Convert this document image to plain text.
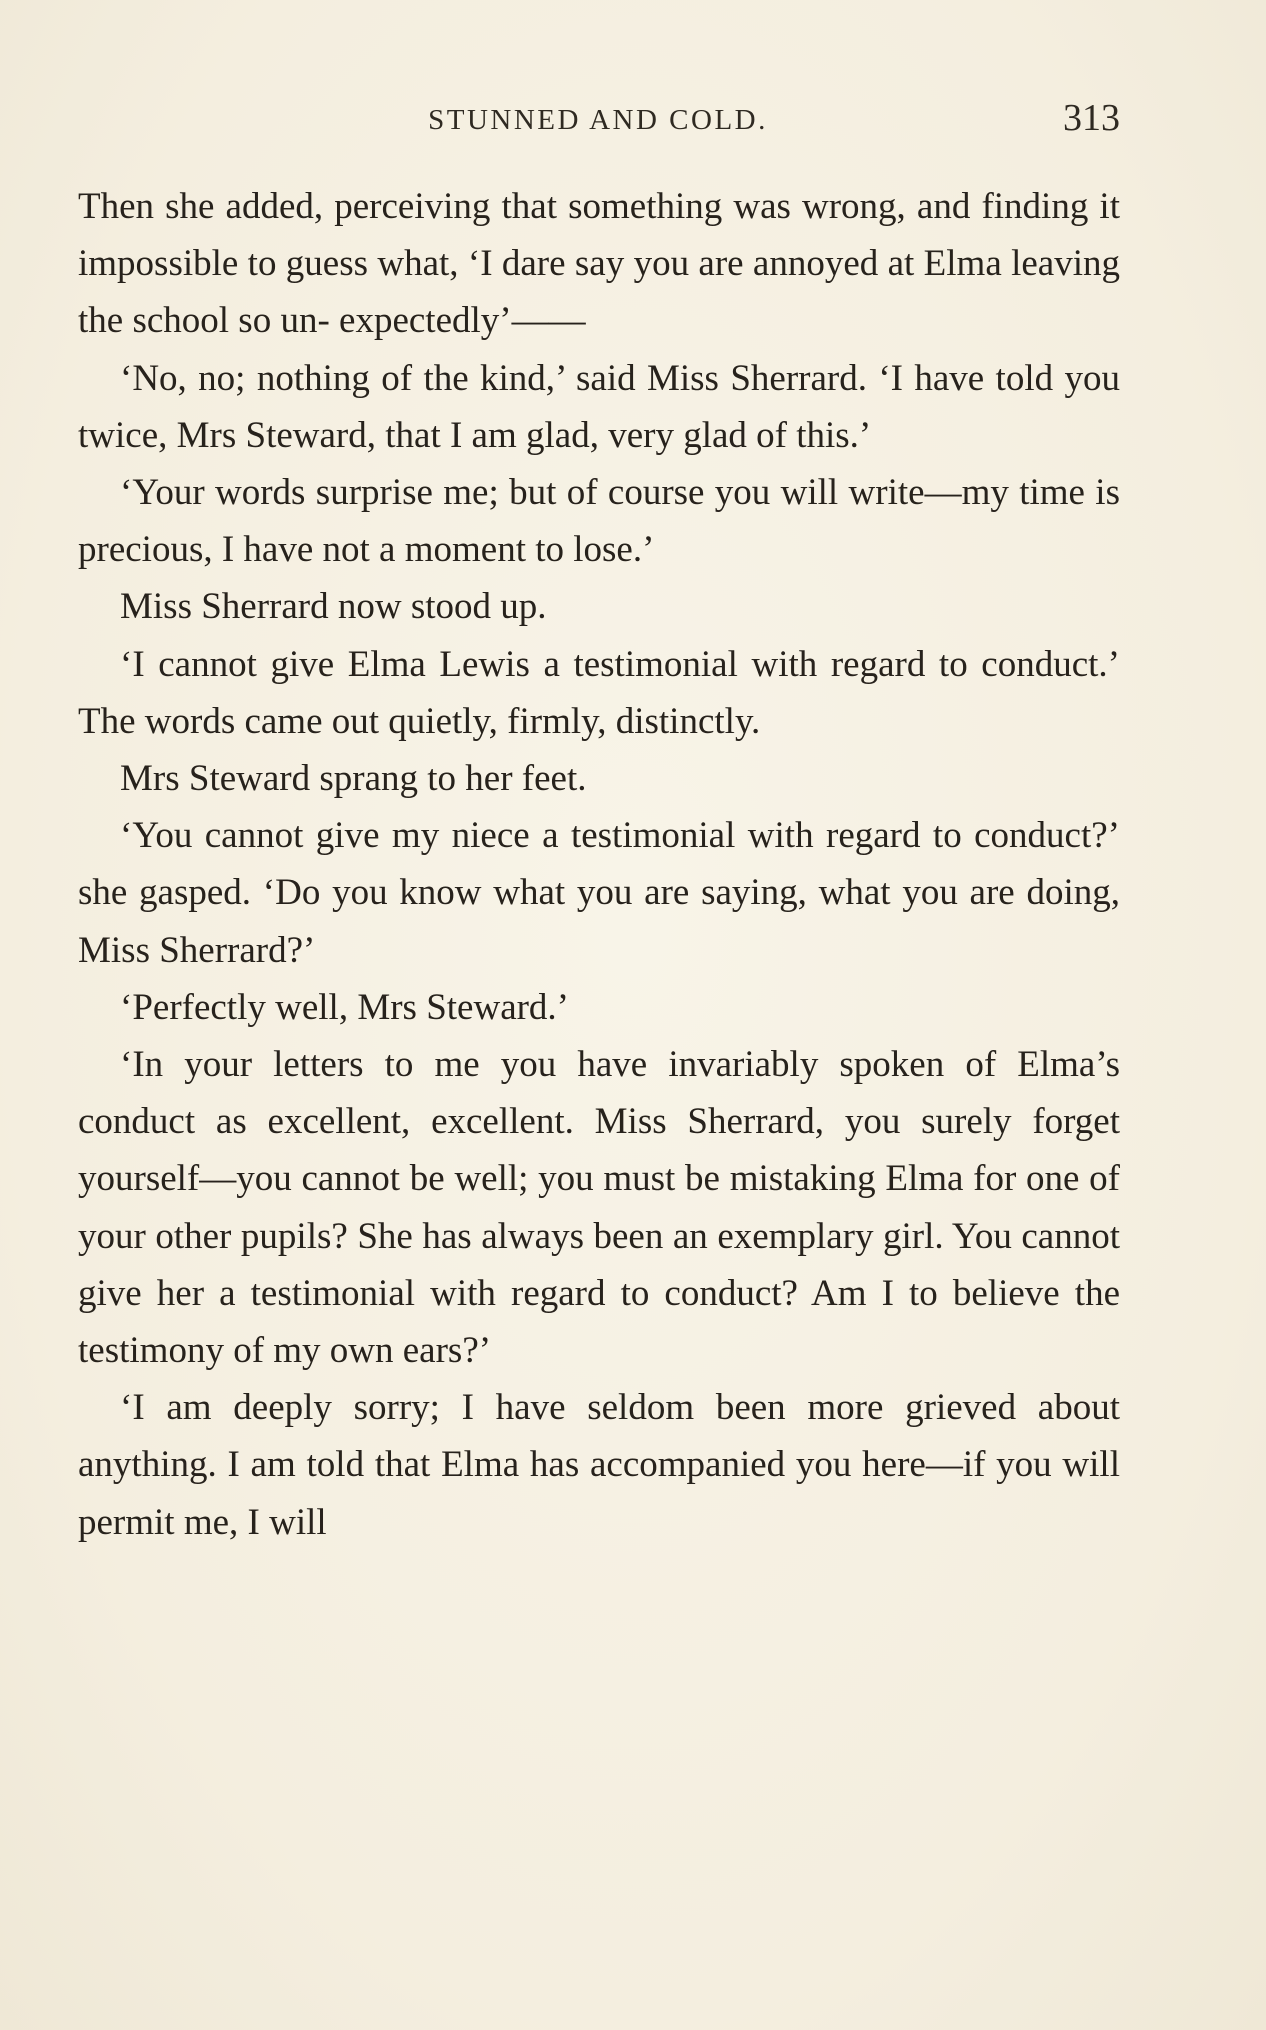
STUNNED AND COLD.	313

Then she added, perceiving that something was wrong, and finding it impossible to guess what, ‘I dare say you are annoyed at Elma leaving the school so un- expectedly’——

‘No, no; nothing of the kind,’ said Miss Sherrard. ‘I have told you twice, Mrs Steward, that I am glad, very glad of this.’

‘Your words surprise me; but of course you will write—my time is precious, I have not a moment to lose.’

Miss Sherrard now stood up.

‘I cannot give Elma Lewis a testimonial with regard to conduct.’ The words came out quietly, firmly, distinctly.

Mrs Steward sprang to her feet.

‘You cannot give my niece a testimonial with regard to conduct?’ she gasped. ‘Do you know what you are saying, what you are doing, Miss Sherrard?’

‘Perfectly well, Mrs Steward.’

‘In your letters to me you have invariably spoken of Elma’s conduct as excellent, excellent. Miss Sherrard, you surely forget yourself—you cannot be well; you must be mistaking Elma for one of your other pupils? She has always been an exemplary girl. You cannot give her a testimonial with regard to conduct? Am I to believe the testimony of my own ears?’

‘I am deeply sorry; I have seldom been more grieved about anything. I am told that Elma has accompanied you here—if you will permit me, I will
